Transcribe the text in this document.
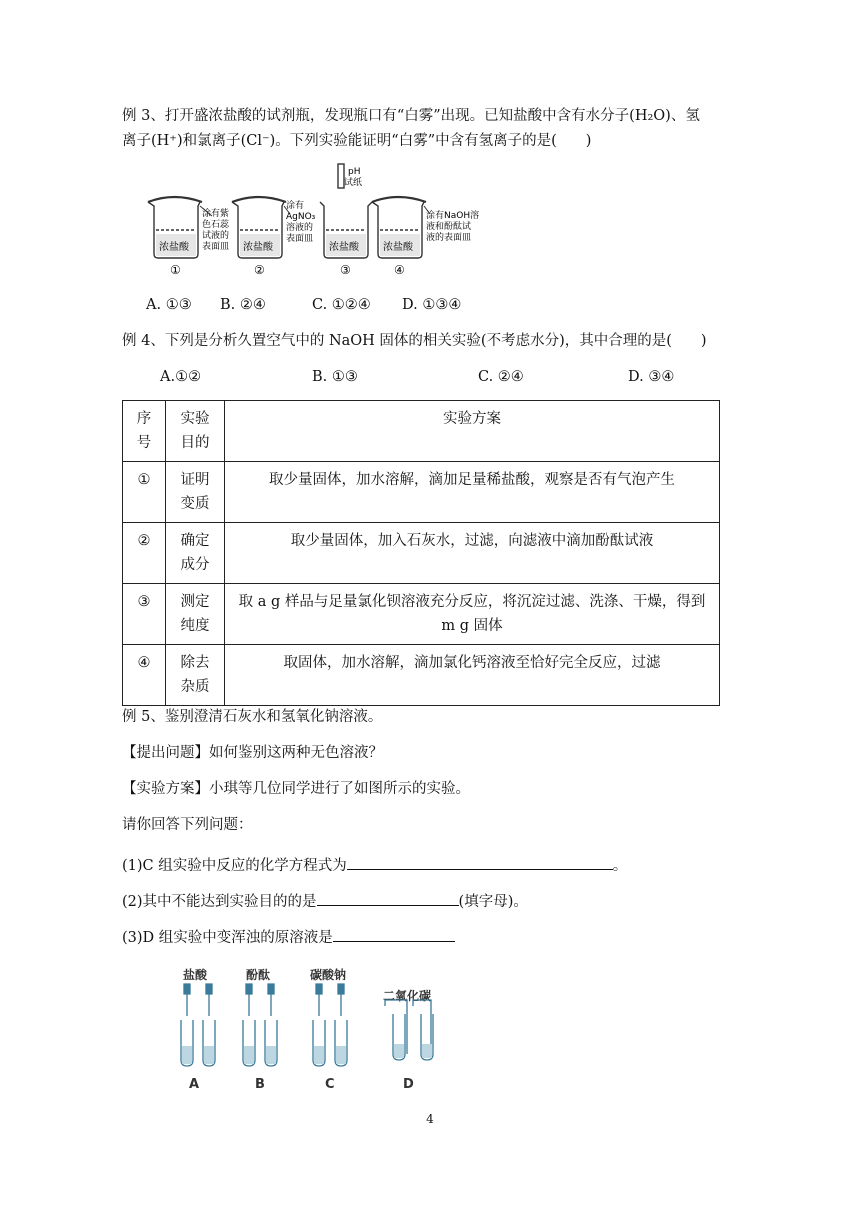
例 3、打开盛浓盐酸的试剂瓶，发现瓶口有“白雾”出现。已知盐酸中含有水分子(H₂O)、氢
离子(H⁺)和氯离子(Cl⁻)。下列实验能证明“白雾”中含有氢离子的是(　　)
浓盐酸	浓盐酸	浓盐酸 浓盐酸
涂有紫 色石蕊 试液的 表面皿
涂有 AgNO₃ 溶液的 表面皿
pH 试纸
涂有NaOH溶 液和酚酞试 液的表面皿
①	②	③	④
A. ①③ B. ②④	C. ①②④ D. ①③④
例 4、下列是分析久置空气中的 NaOH 固体的相关实验(不考虑水分)，其中合理的是(　　)
A.①②	B. ①③	C. ②④	D. ③④
序号	实验目的	实验方案
①	证明变质	取少量固体，加水溶解，滴加足量稀盐酸，观察是否有气泡产生
②	确定成分	取少量固体，加入石灰水，过滤，向滤液中滴加酚酞试液
③	测定纯度	取 a g 样品与足量氯化钡溶液充分反应，将沉淀过滤、洗涤、干燥，得到 m g 固体
④	除去杂质	取固体，加水溶解，滴加氯化钙溶液至恰好完全反应，过滤
例 5、鉴别澄清石灰水和氢氧化钠溶液。
【提出问题】如何鉴别这两种无色溶液？
【实验方案】小琪等几位同学进行了如图所示的实验。
请你回答下列问题：
(1)C 组实验中反应的化学方程式为	。
(2)其中不能达到实验目的的是	(填字母)。
(3)D 组实验中变浑浊的原溶液是
盐酸	酚酞	碳酸钠
二氧化碳
A	B	C	D
4
